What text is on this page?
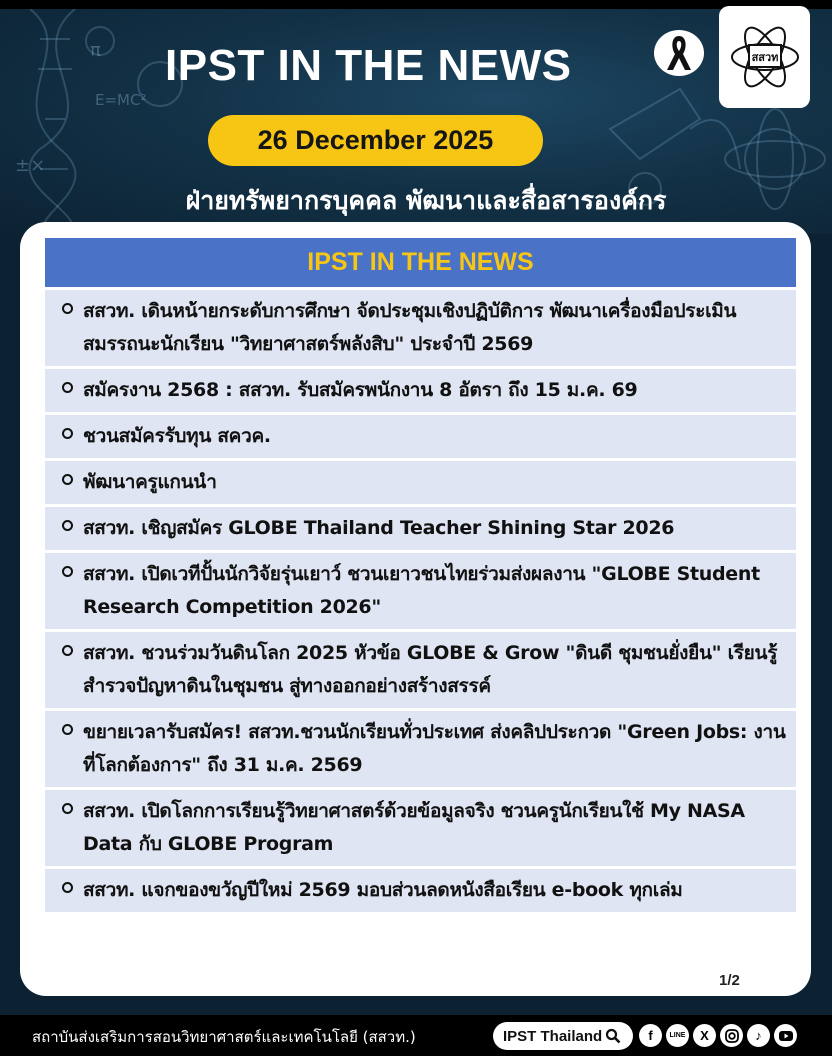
E=MC²
π
±×
IPST IN THE NEWS
26 December 2025
ฝ่ายทรัพยากรบุคคล พัฒนาและสื่อสารองค์กร
สสวท
IPST IN THE NEWS
สสวท. เดินหน้ายกระดับการศึกษา จัดประชุมเชิงปฏิบัติการ พัฒนาเครื่องมือประเมินสมรรถนะนักเรียน "วิทยาศาสตร์พลังสิบ" ประจำปี 2569
สมัครงาน 2568 : สสวท. รับสมัครพนักงาน 8 อัตรา ถึง 15 ม.ค. 69
ชวนสมัครรับทุน สควค.
พัฒนาครูแกนนำ
สสวท. เชิญสมัคร GLOBE Thailand Teacher Shining Star 2026
สสวท. เปิดเวทีปั้นนักวิจัยรุ่นเยาว์ ชวนเยาวชนไทยร่วมส่งผลงาน "GLOBE Student Research Competition 2026"
สสวท. ชวนร่วมวันดินโลก 2025 หัวข้อ GLOBE & Grow "ดินดี ชุมชนยั่งยืน" เรียนรู้สำรวจปัญหาดินในชุมชน สู่ทางออกอย่างสร้างสรรค์
ขยายเวลารับสมัคร! สสวท.ชวนนักเรียนทั่วประเทศ ส่งคลิปประกวด "Green Jobs: งานที่โลกต้องการ" ถึง 31 ม.ค. 2569
สสวท. เปิดโลกการเรียนรู้วิทยาศาสตร์ด้วยข้อมูลจริง ชวนครูนักเรียนใช้ My NASA Data กับ GLOBE Program
สสวท. แจกของขวัญปีใหม่ 2569 มอบส่วนลดหนังสือเรียน e-book ทุกเล่ม
1/2
สถาบันส่งเสริมการสอนวิทยาศาสตร์และเทคโนโลยี (สสวท.)	IPST Thailand	f	LINE	X	♪
